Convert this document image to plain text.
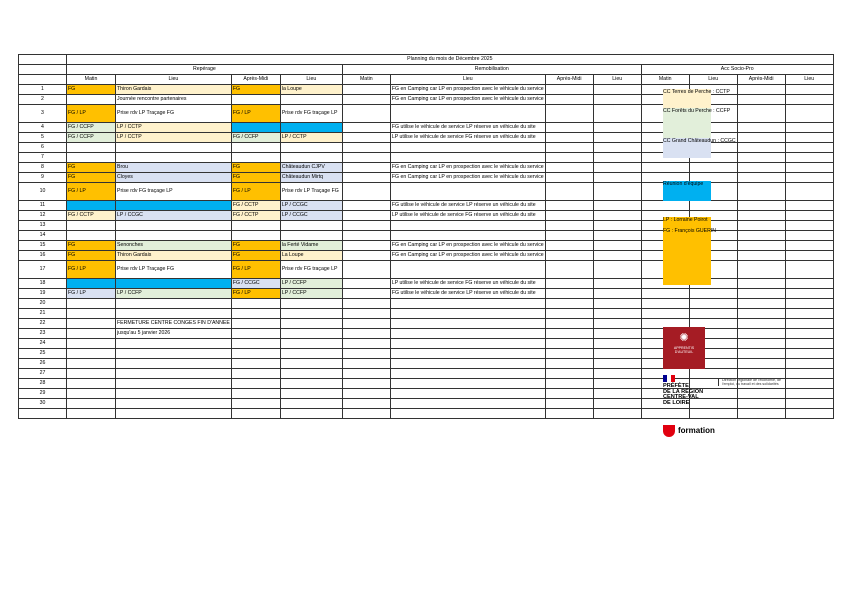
	Planning du mois de Décembre 2025											
	Repérage				Remobilisation				Acc Socio-Pro			
	Matin	Lieu	Après-Midi	Lieu	Matin	Lieu	Après-Midi	Lieu	Matin	Lieu	Après-Midi	Lieu
1	FG	Thiron Gardais	FG	la Loupe		FG en Camping car LP en prospection avec le véhicule du service						
2		Journée rencontre partenaires				FG en Camping car LP en prospection avec le véhicule du service						
3	FG / LP	Prise rdv LP Traçage FG	FG / LP	Prise rdv FG traçage LP								
4	FG / CCFP	LP / CCTP				FG utilise le véhicule de service LP réserve un véhicule du site						
5	FG / CCFP	LP / CCTP	FG / CCFP	LP / CCTP		LP utilise le véhicule de service FG réserve un véhicule du site						
6												
7												
8	FG	Brou	FG	Châteaudun CJPV		FG en Camping car LP en prospection avec le véhicule du service						
9	FG	Cloyes	FG	Châteaudun Mirtq		FG en Camping car LP en prospection avec le véhicule du service						
10	FG / LP	Prise rdv FG traçage LP	FG / LP	Prise rdv LP Traçage FG								
11			FG / CCTP	LP / CCGC		FG utilise le véhicule de service LP réserve un véhicule du site						
12	FG / CCTP	LP / CCGC	FG / CCTP	LP / CCGC		LP utilise le véhicule de service FG réserve un véhicule du site						
13												
14												
15	FG	Senonches	FG	la Ferté Vidame		FG en Camping car LP en prospection avec le véhicule du service						
16	FG	Thiron Gardais	FG	La Loupe		FG en Camping car LP en prospection avec le véhicule du service						
17	FG / LP	Prise rdv LP Traçage FG	FG / LP	Prise rdv FG traçage LP								
18			FG / CCGC	LP / CCFP		LP utilise le véhicule de service FG réserve un véhicule du site						
19	FG / LP	LP / CCFP	FG / LP	LP / CCFP		FG utilise le véhicule de service LP réserve un véhicule du site						
20												
21												
22		FERMETURE CENTRE CONGES FIN D'ANNEE										
23		jusqu'au 5 janvier 2026										
24												
25												
26												
27												
28												
29												
30												

CC Terres de Perche : CCTP
CC Forêts du Perche : CCFP
CC Grand Châteaudun : CCGC
Réunion d'équipe
LP : Lorraine Poirot
FG : François GUERIN
✺
APPRENTIS
D'AUTEUIL
PRÉFÈTE
DE LA RÉGION
CENTRE-VAL
DE LOIRE
Direction régionale de l'économie, de l'emploi, du travail et des solidarités
formation
